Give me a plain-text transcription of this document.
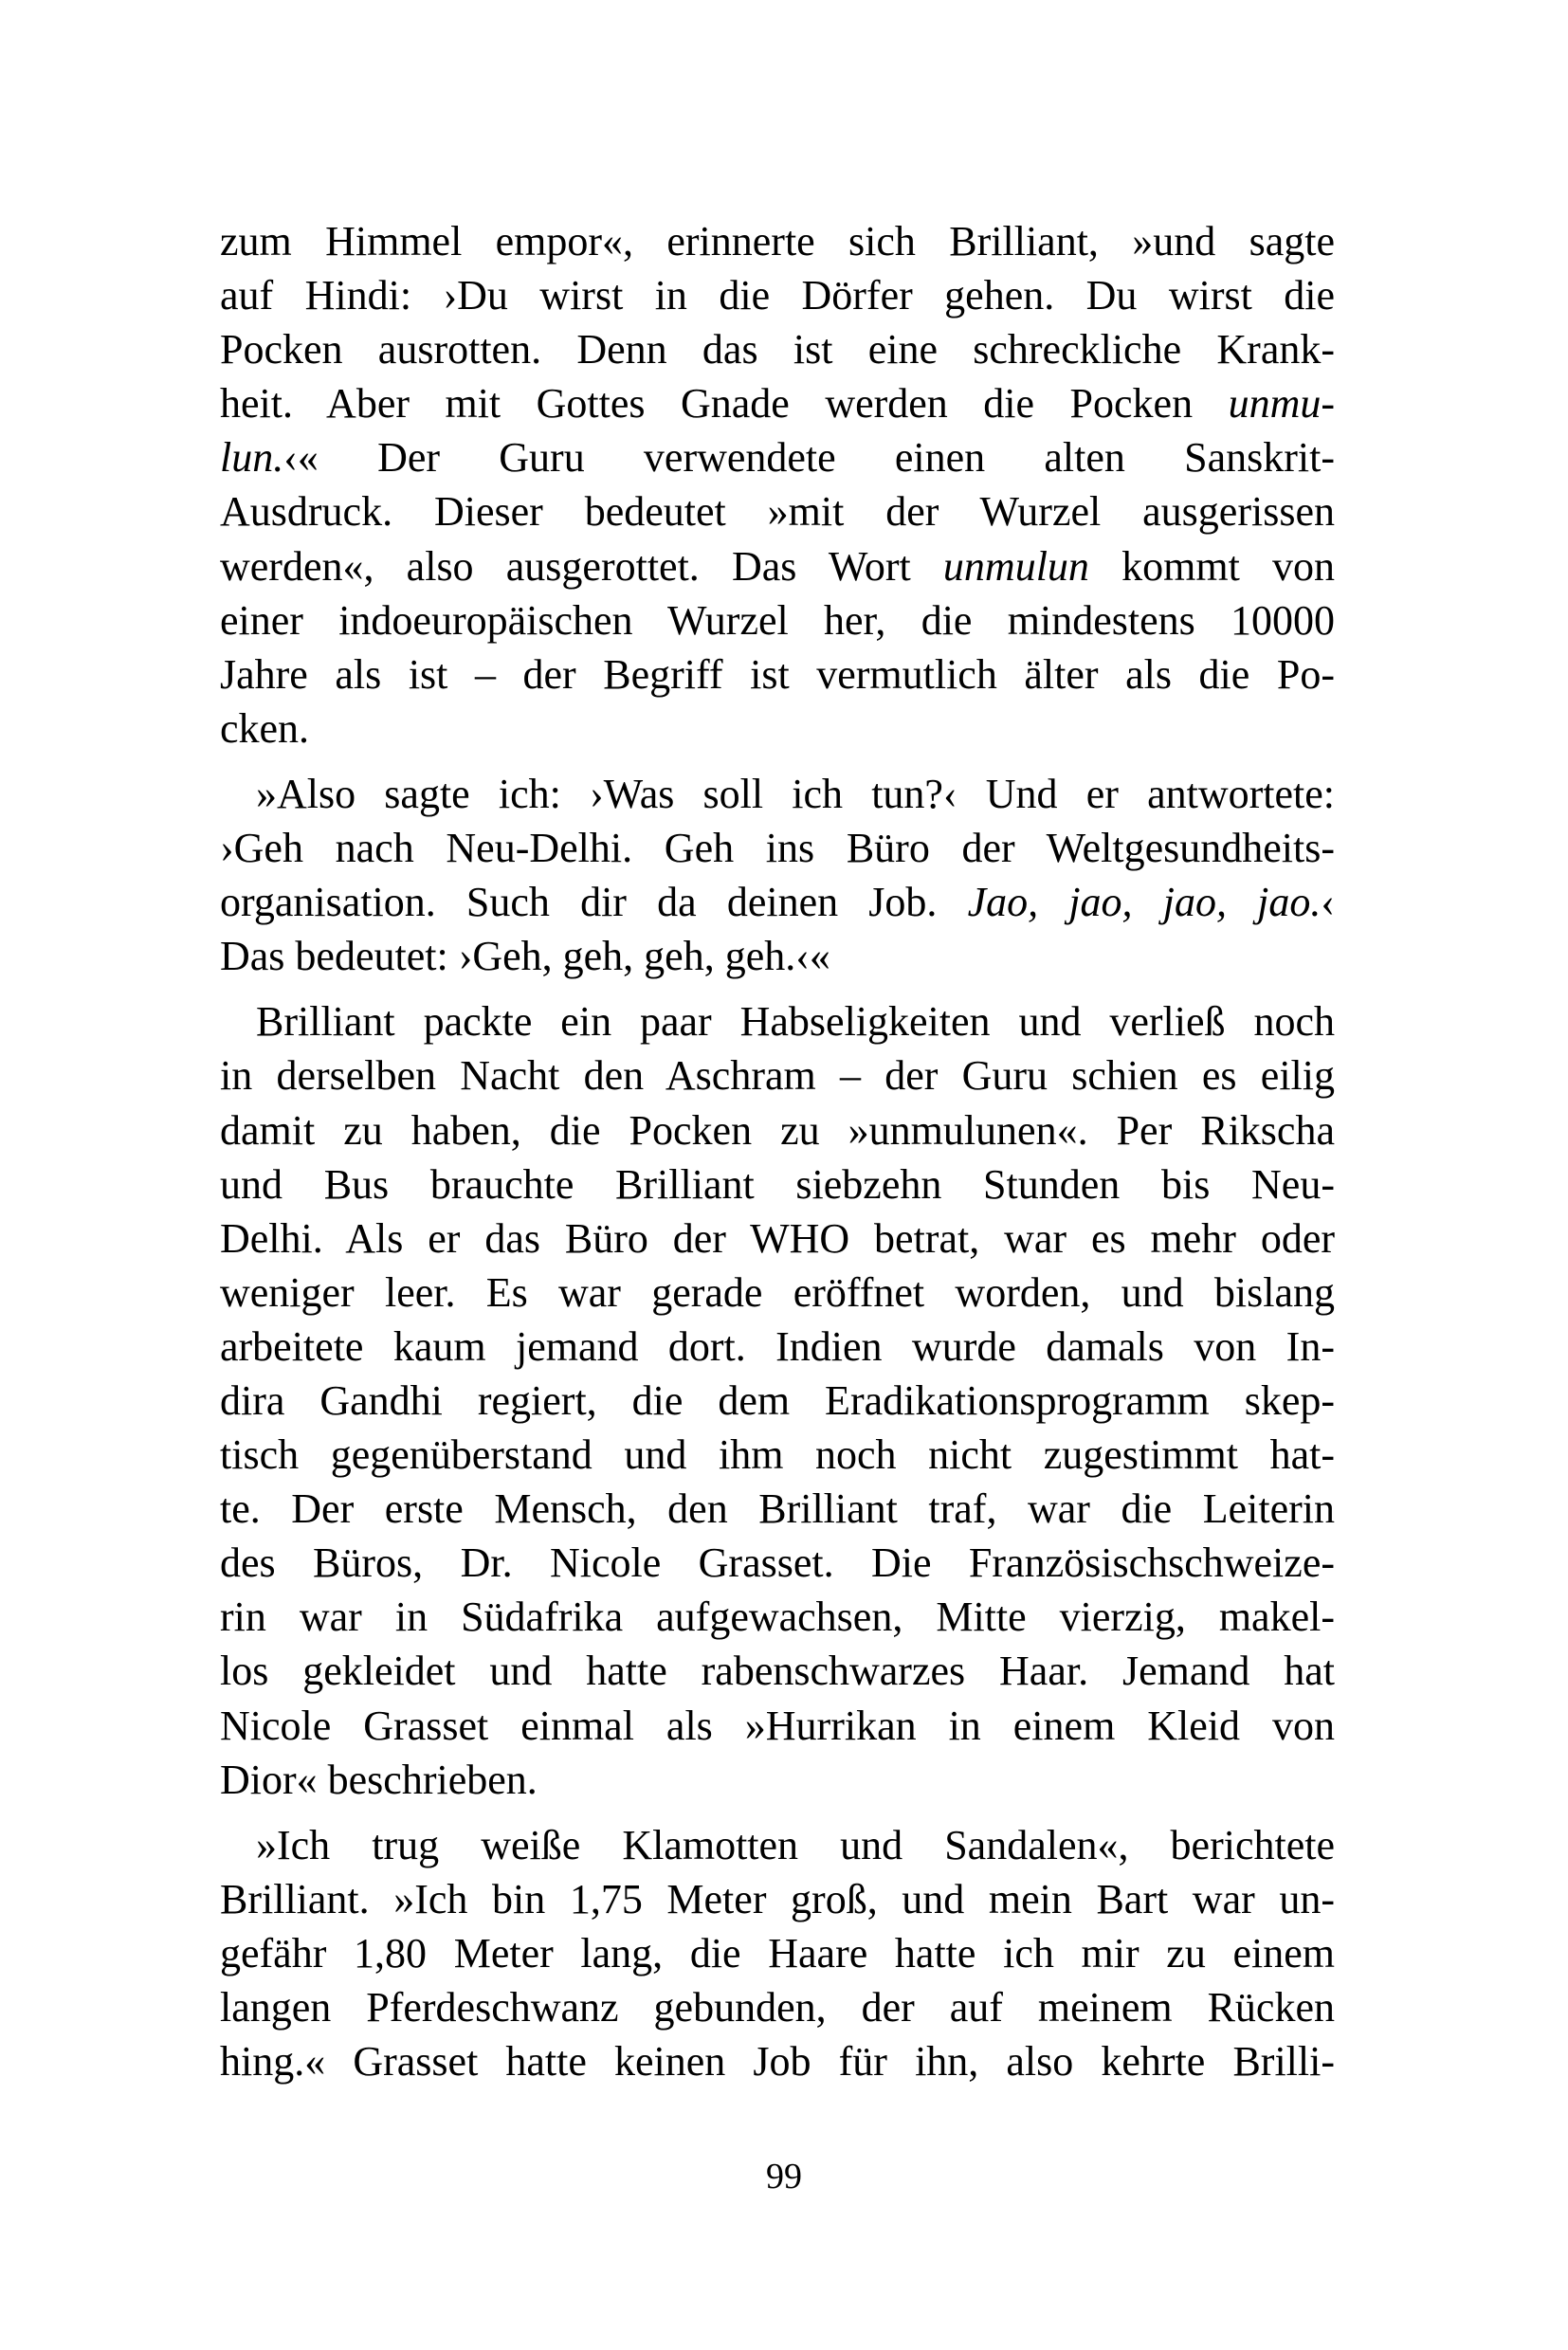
zum Himmel empor«, erinnerte sich Brilliant, »und sagte
auf Hindi: ›Du wirst in die Dörfer gehen. Du wirst die
Pocken ausrotten. Denn das ist eine schreckliche Krank-
heit. Aber mit Gottes Gnade werden die Pocken unmu-
lun.‹« Der Guru verwendete einen alten Sanskrit-
Ausdruck. Dieser bedeutet »mit der Wurzel ausgerissen
werden«, also ausgerottet. Das Wort unmulun kommt von
einer indoeuropäischen Wurzel her, die mindestens 10000
Jahre als ist – der Begriff ist vermutlich älter als die Po-
cken.

»Also sagte ich: ›Was soll ich tun?‹ Und er antwortete:
›Geh nach Neu-Delhi. Geh ins Büro der Weltgesundheits-
organisation. Such dir da deinen Job. Jao, jao, jao, jao.‹
Das bedeutet: ›Geh, geh, geh, geh.‹«

Brilliant packte ein paar Habseligkeiten und verließ noch
in derselben Nacht den Aschram – der Guru schien es eilig
damit zu haben, die Pocken zu »unmulunen«. Per Rikscha
und Bus brauchte Brilliant siebzehn Stunden bis Neu-
Delhi. Als er das Büro der WHO betrat, war es mehr oder
weniger leer. Es war gerade eröffnet worden, und bislang
arbeitete kaum jemand dort. Indien wurde damals von In-
dira Gandhi regiert, die dem Eradikationsprogramm skep-
tisch gegenüberstand und ihm noch nicht zugestimmt hat-
te. Der erste Mensch, den Brilliant traf, war die Leiterin
des Büros, Dr. Nicole Grasset. Die Französischschweize-
rin war in Südafrika aufgewachsen, Mitte vierzig, makel-
los gekleidet und hatte rabenschwarzes Haar. Jemand hat
Nicole Grasset einmal als »Hurrikan in einem Kleid von
Dior« beschrieben.

»Ich trug weiße Klamotten und Sandalen«, berichtete
Brilliant. »Ich bin 1,75 Meter groß, und mein Bart war un-
gefähr 1,80 Meter lang, die Haare hatte ich mir zu einem
langen Pferdeschwanz gebunden, der auf meinem Rücken
hing.« Grasset hatte keinen Job für ihn, also kehrte Brilli-

99
